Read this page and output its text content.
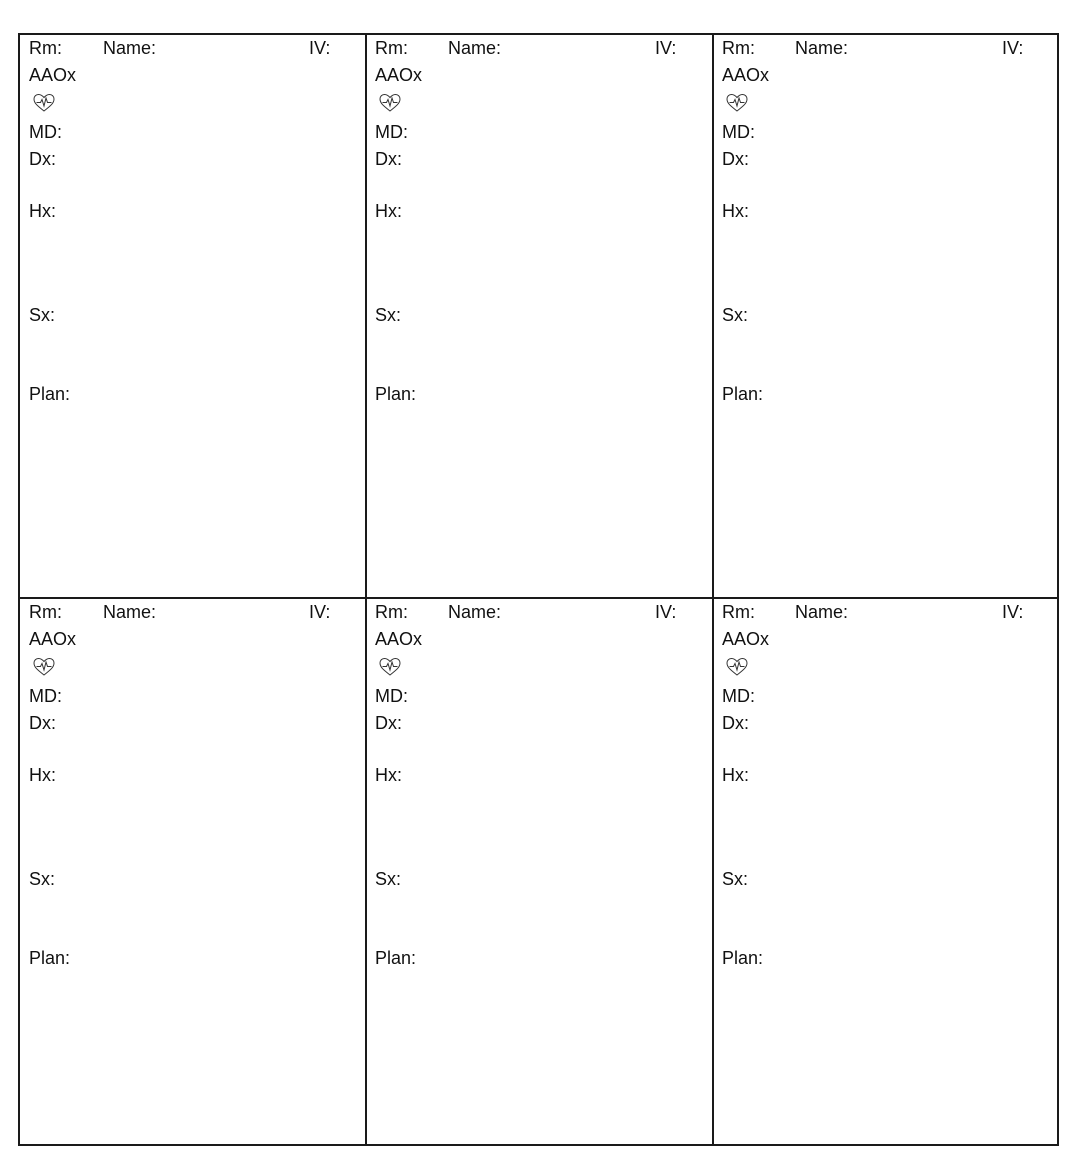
Rm: Name:	IV:
AAOx
MD:
Dx:
Hx:
Sx:
Plan:
Rm: Name:	IV:
AAOx
MD:
Dx:
Hx:
Sx:
Plan:
Rm: Name:	IV:
AAOx
MD:
Dx:
Hx:
Sx:
Plan:
Rm: Name:	IV:
AAOx
MD:
Dx:
Hx:
Sx:
Plan:
Rm: Name:	IV:
AAOx
MD:
Dx:
Hx:
Sx:
Plan:
Rm: Name:	IV:
AAOx
MD:
Dx:
Hx:
Sx:
Plan:
